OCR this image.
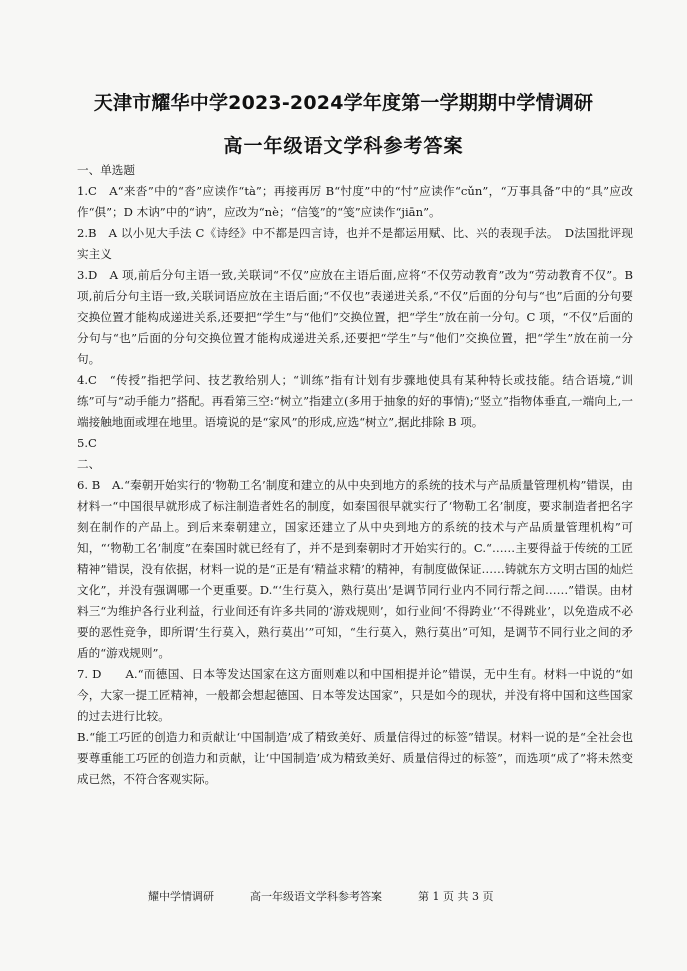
天津市耀华中学2023-2024学年度第一学期期中学情调研
高一年级语文学科参考答案

一、单选题

1.C　A“来沓”中的“沓”应读作“tà”；再接再厉 B“忖度”中的“忖”应读作“cǔn”，“万事具备”中的“具”应改作“俱”；D 木讷”中的“讷”，应改为“nè；“信笺”的“笺”应读作“jiān”。

2.B　A 以小见大手法 C《诗经》中不都是四言诗，也并不是都运用赋、比、兴的表现手法。　D法国批评现实主义

3.D　A 项,前后分句主语一致,关联词“不仅”应放在主语后面,应将“不仅劳动教育”改为“劳动教育不仅”。B 项,前后分句主语一致,关联词语应放在主语后面;“不仅也”表递进关系,“不仅”后面的分句与“也”后面的分句要交换位置才能构成递进关系,还要把“学生”与“他们”交换位置，把“学生”放在前一分句。C 项，“不仅”后面的分句与“也”后面的分句交换位置才能构成递进关系,还要把“学生”与“他们”交换位置，把“学生”放在前一分句。

4.C　“传授”指把学问、技艺教给别人；“训练”指有计划有步骤地使具有某种特长或技能。结合语境,“训练”可与“动手能力”搭配。再看第三空:“树立”指建立(多用于抽象的好的事情);“竖立”指物体垂直,一端向上,一端接触地面或埋在地里。语境说的是“家风”的形成,应选“树立”,据此排除 B 项。

5.C

二、

6. B　A.“秦朝开始实行的‘物勒工名’制度和建立的从中央到地方的系统的技术与产品质量管理机构”错误，由材料一“中国很早就形成了标注制造者姓名的制度，如秦国很早就实行了‘物勒工名’制度，要求制造者把名字刻在制作的产品上。到后来秦朝建立，国家还建立了从中央到地方的系统的技术与产品质量管理机构”可知，“‘物勒工名’制度”在秦国时就已经有了，并不是到秦朝时才开始实行的。C.“……主要得益于传统的工匠精神”错误，没有依据，材料一说的是“正是有‘精益求精’的精神，有制度做保证……铸就东方文明古国的灿烂文化”，并没有强调哪一个更重要。D.“‘生行莫入，熟行莫出’是调节同行业内不同行帮之间……”错误。由材料三“为维护各行业利益，行业间还有许多共同的‘游戏规则’，如行业间‘不得跨业’‘不得跳业’，以免造成不必要的恶性竞争，即所谓‘生行莫入，熟行莫出’”可知，“生行莫入，熟行莫出”可知，是调节不同行业之间的矛盾的“游戏规则”。

7. D　　A.“而德国、日本等发达国家在这方面则难以和中国相提并论”错误，无中生有。材料一中说的“如今，大家一提工匠精神，一般都会想起德国、日本等发达国家”，只是如今的现状，并没有将中国和这些国家的过去进行比较。

B.“能工巧匠的创造力和贡献让‘中国制造’成了精致美好、质量信得过的标签”错误。材料一说的是“全社会也要尊重能工巧匠的创造力和贡献，让‘中国制造’成为精致美好、质量信得过的标签”，而选项“成了”将未然变成已然，不符合客观实际。

耀中学情调研	高一年级语文学科参考答案	第 1 页 共 3 页
